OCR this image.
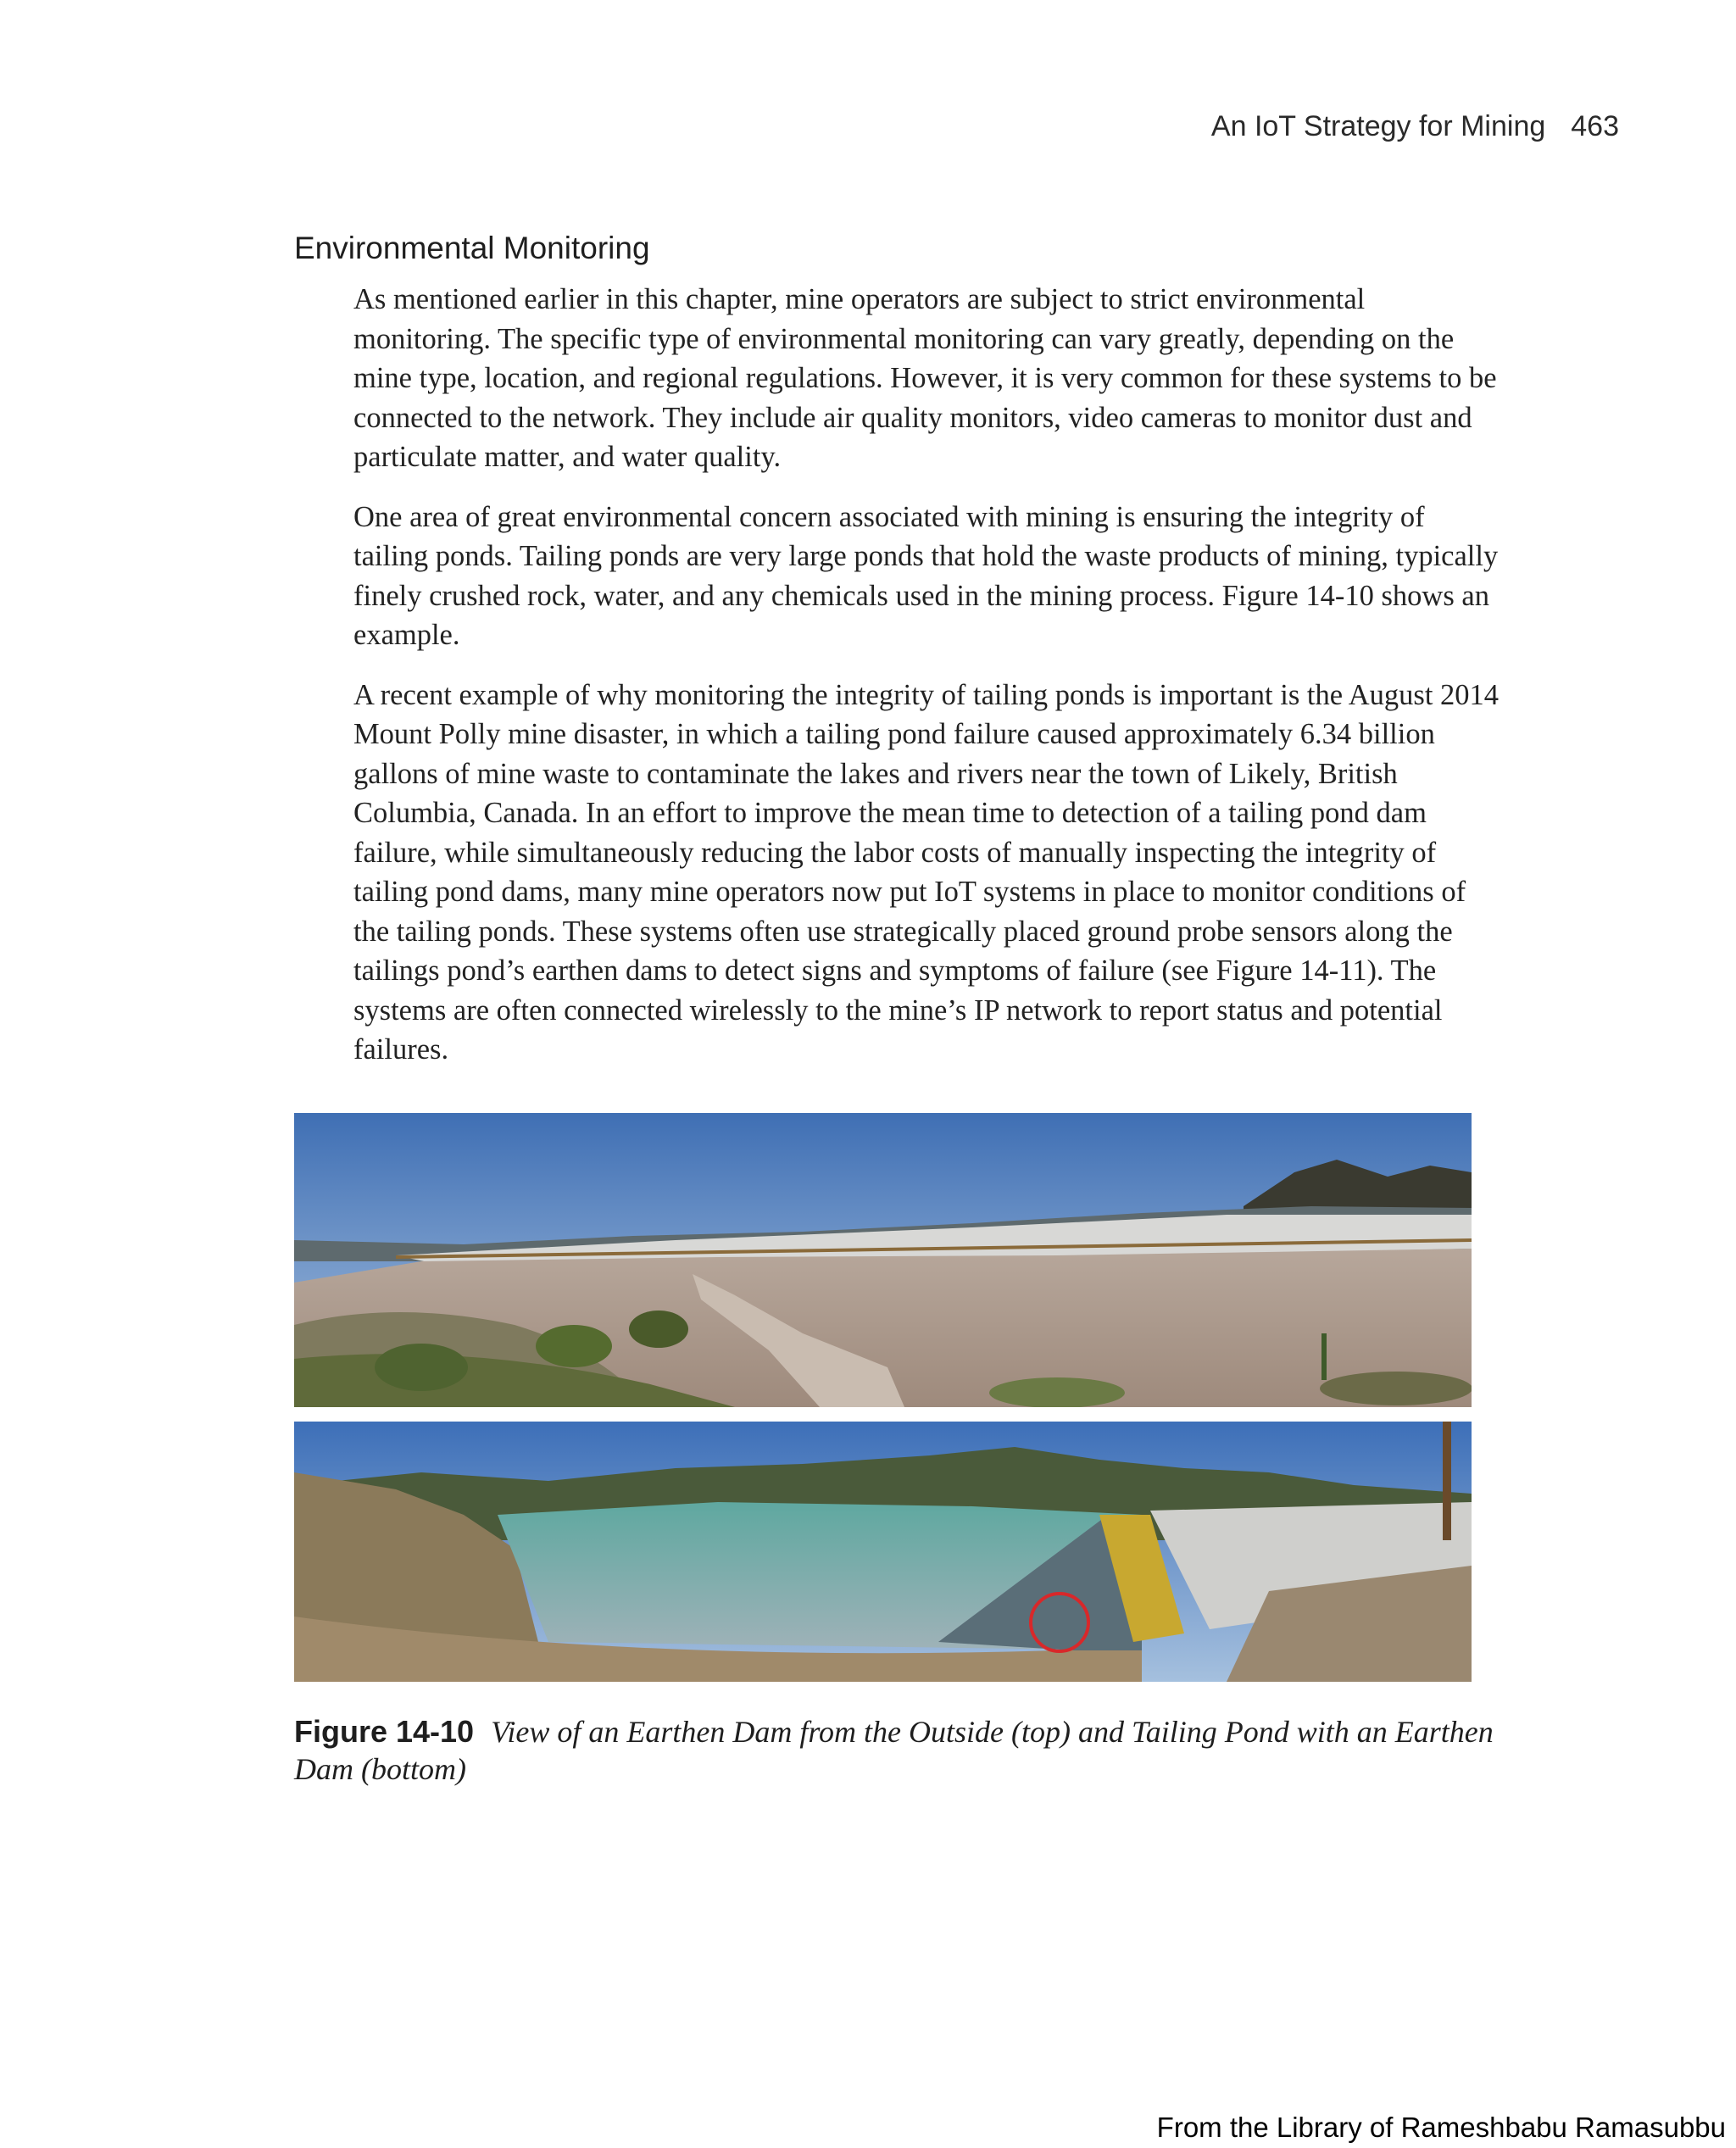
An IoT Strategy for Mining 463
Environmental Monitoring

As mentioned earlier in this chapter, mine operators are subject to strict environmental monitoring. The specific type of environmental monitoring can vary greatly, depending on the mine type, location, and regional regulations. However, it is very common for these systems to be connected to the network. They include air quality monitors, video cameras to monitor dust and particulate matter, and water quality.

One area of great environmental concern associated with mining is ensuring the integrity of tailing ponds. Tailing ponds are very large ponds that hold the waste products of mining, typically finely crushed rock, water, and any chemicals used in the mining process. Figure 14-10 shows an example.

A recent example of why monitoring the integrity of tailing ponds is important is the August 2014 Mount Polly mine disaster, in which a tailing pond failure caused approximately 6.34 billion gallons of mine waste to contaminate the lakes and rivers near the town of Likely, British Columbia, Canada. In an effort to improve the mean time to detection of a tailing pond dam failure, while simultaneously reducing the labor costs of manually inspecting the integrity of tailing pond dams, many mine operators now put IoT systems in place to monitor conditions of the tailing ponds. These systems often use strategically placed ground probe sensors along the tailings pond’s earthen dams to detect signs and symptoms of failure (see Figure 14-11). The systems are often connected wirelessly to the mine’s IP network to report status and potential failures.

Figure 14-10 View of an Earthen Dam from the Outside (top) and Tailing Pond with an Earthen Dam (bottom)
From the Library of Rameshbabu Ramasubbu
